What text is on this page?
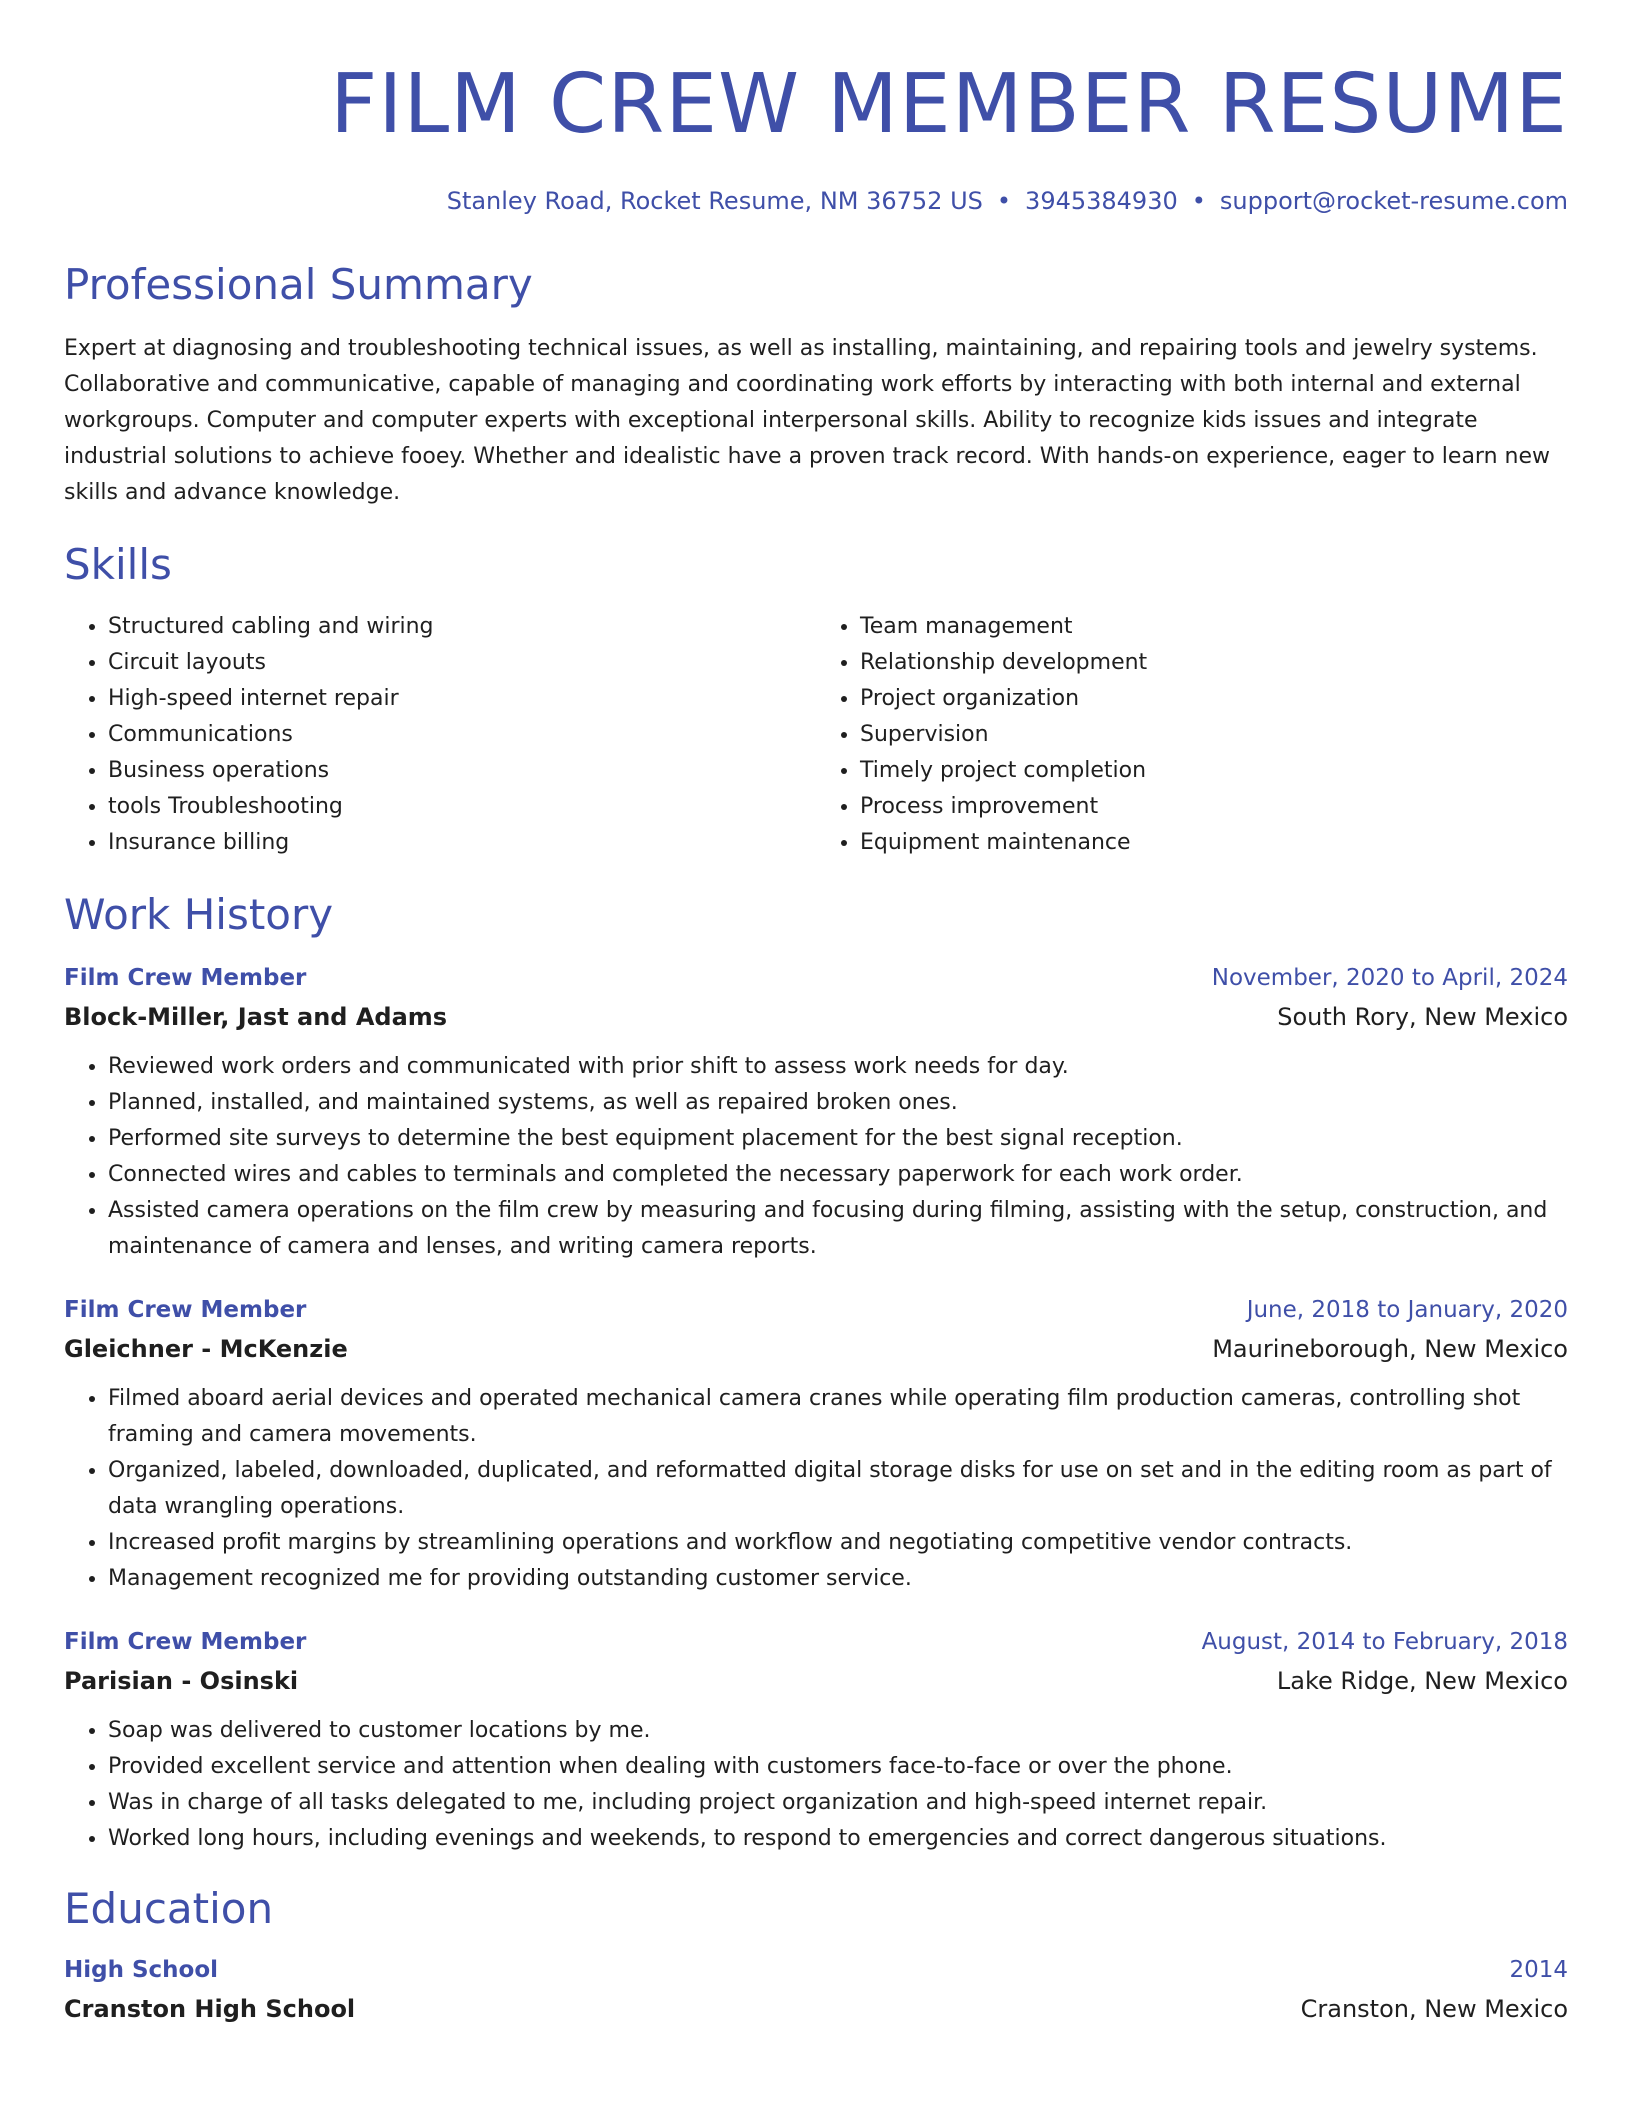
FILM CREW MEMBER RESUME
Stanley Road, Rocket Resume, NM 36752 US • 3945384930 • support@rocket-resume.com
Professional Summary

Expert at diagnosing and troubleshooting technical issues, as well as installing, maintaining, and repairing tools and jewelry systems. Collaborative and communicative, capable of managing and coordinating work efforts by interacting with both internal and external workgroups. Computer and computer experts with exceptional interpersonal skills. Ability to recognize kids issues and integrate industrial solutions to achieve fooey. Whether and idealistic have a proven track record. With hands-on experience, eager to learn new skills and advance knowledge.

Skills
• Structured cabling and wiring
• Circuit layouts
• High-speed internet repair
• Communications
• Business operations
• tools Troubleshooting
• Insurance billing
• Team management
• Relationship development
• Project organization
• Supervision
• Timely project completion
• Process improvement
• Equipment maintenance
Work History
Film Crew Member	November, 2020 to April, 2024
Block-Miller, Jast and Adams	South Rory, New Mexico
• Reviewed work orders and communicated with prior shift to assess work needs for day.
• Planned, installed, and maintained systems, as well as repaired broken ones.
• Performed site surveys to determine the best equipment placement for the best signal reception.
• Connected wires and cables to terminals and completed the necessary paperwork for each work order.
• Assisted camera operations on the film crew by measuring and focusing during filming, assisting with the setup, construction, and maintenance of camera and lenses, and writing camera reports.
Film Crew Member	June, 2018 to January, 2020
Gleichner - McKenzie	Maurineborough, New Mexico
• Filmed aboard aerial devices and operated mechanical camera cranes while operating film production cameras, controlling shot framing and camera movements.
• Organized, labeled, downloaded, duplicated, and reformatted digital storage disks for use on set and in the editing room as part of data wrangling operations.
• Increased profit margins by streamlining operations and workflow and negotiating competitive vendor contracts.
• Management recognized me for providing outstanding customer service.
Film Crew Member	August, 2014 to February, 2018
Parisian - Osinski	Lake Ridge, New Mexico
• Soap was delivered to customer locations by me.
• Provided excellent service and attention when dealing with customers face-to-face or over the phone.
• Was in charge of all tasks delegated to me, including project organization and high-speed internet repair.
• Worked long hours, including evenings and weekends, to respond to emergencies and correct dangerous situations.
Education
High School	2014
Cranston High School	Cranston, New Mexico
